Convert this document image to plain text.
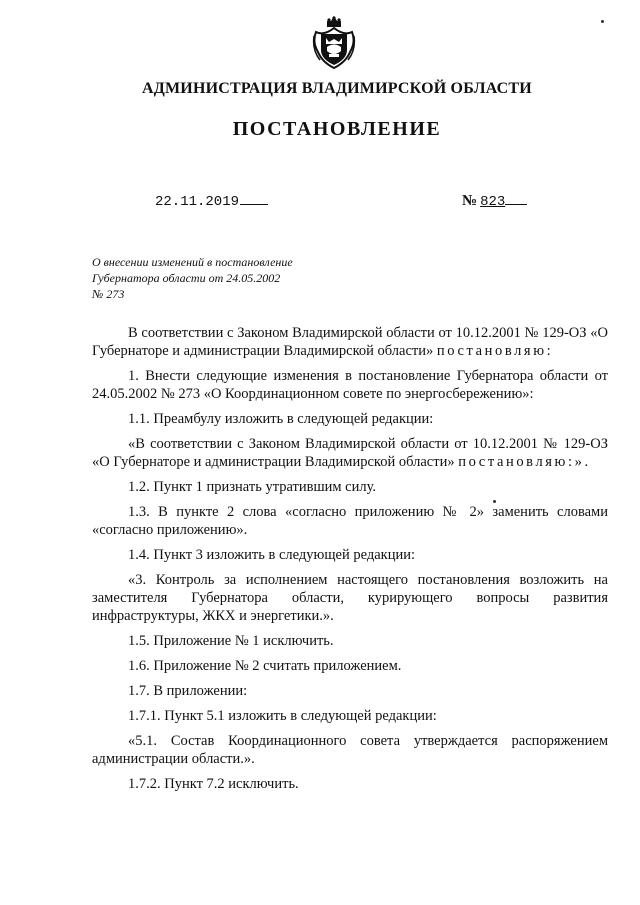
АДМИНИСТРАЦИЯ ВЛАДИМИРСКОЙ ОБЛАСТИ
ПОСТАНОВЛЕНИЕ
22.11.2019	№ 823
О внесении изменений в постановление
Губернатора области от 24.05.2002
№ 273

В соответствии с Законом Владимирской области от 10.12.2001 № 129-ОЗ «О Губернаторе и администрации Владимирской области» постановляю:

1. Внести следующие изменения в постановление Губернатора области от 24.05.2002 № 273 «О Координационном совете по энергосбережению»:

1.1. Преамбулу изложить в следующей редакции:

«В соответствии с Законом Владимирской области от 10.12.2001 № 129-ОЗ «О Губернаторе и администрации Владимирской области» постановляю:».

1.2. Пункт 1 признать утратившим силу.

1.3. В пункте 2 слова «согласно приложению № 2» заменить словами «согласно приложению».

1.4. Пункт 3 изложить в следующей редакции:

«3. Контроль за исполнением настоящего постановления возложить на заместителя Губернатора области, курирующего вопросы развития инфраструктуры, ЖКХ и энергетики.».

1.5. Приложение № 1 исключить.

1.6. Приложение № 2 считать приложением.

1.7. В приложении:

1.7.1. Пункт 5.1 изложить в следующей редакции:

«5.1. Состав Координационного совета утверждается распоряжением администрации области.».

1.7.2. Пункт 7.2 исключить.
